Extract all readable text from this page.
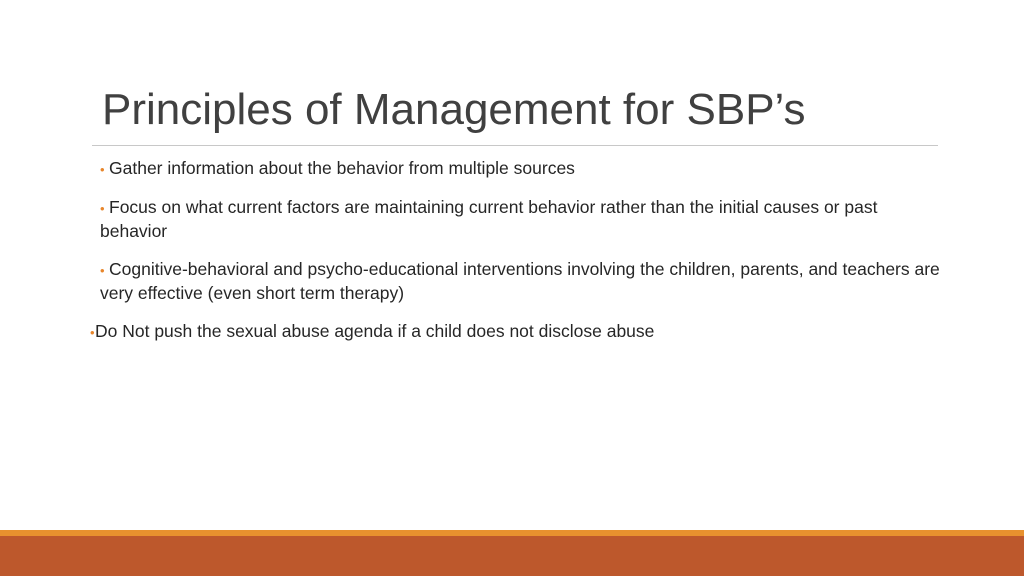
Principles of Management for SBP’s
• Gather information about the behavior from multiple sources
• Focus on what current factors are maintaining current behavior rather than the initial causes or past behavior
• Cognitive-behavioral and psycho-educational interventions involving the children, parents, and teachers are very effective (even short term therapy)
•Do Not push the sexual abuse agenda if a child does not disclose abuse
